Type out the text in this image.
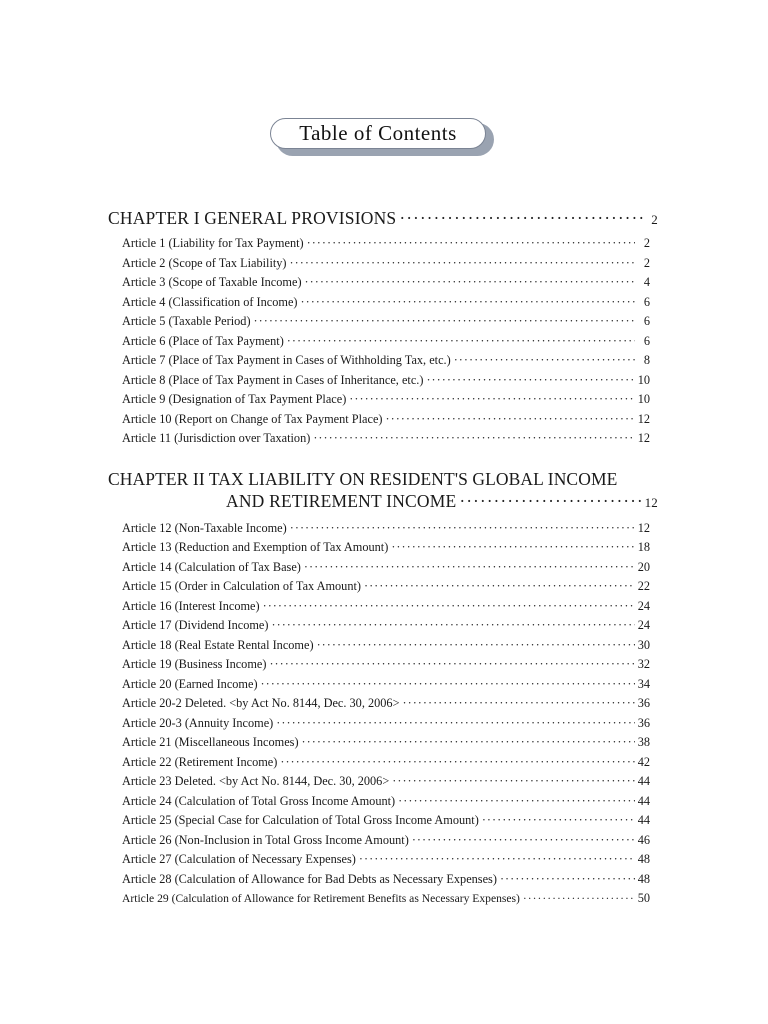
Table of Contents
CHAPTER I GENERAL PROVISIONS ·····	2
Article 1 (Liability for Tax Payment) ·····	2
Article 2 (Scope of Tax Liability) ·····	2
Article 3 (Scope of Taxable Income) ·····	4
Article 4 (Classification of Income) ·····	6
Article 5 (Taxable Period) ·····	6
Article 6 (Place of Tax Payment) ·····	6
Article 7 (Place of Tax Payment in Cases of Withholding Tax, etc.) ·····	8
Article 8 (Place of Tax Payment in Cases of Inheritance, etc.) ·····	10
Article 9 (Designation of Tax Payment Place) ·····	10
Article 10 (Report on Change of Tax Payment Place) ·····	12
Article 11 (Jurisdiction over Taxation) ·····	12
CHAPTER II TAX LIABILITY ON RESIDENT'S GLOBAL INCOME
AND RETIREMENT INCOME ·····	12
Article 12 (Non-Taxable Income) ·····	12
Article 13 (Reduction and Exemption of Tax Amount) ·····	18
Article 14 (Calculation of Tax Base) ·····	20
Article 15 (Order in Calculation of Tax Amount) ·····	22
Article 16 (Interest Income) ·····	24
Article 17 (Dividend Income) ·····	24
Article 18 (Real Estate Rental Income) ·····	30
Article 19 (Business Income) ·····	32
Article 20 (Earned Income) ·····	34
Article 20-2 Deleted. <by Act No. 8144, Dec. 30, 2006> ·····	36
Article 20-3 (Annuity Income) ·····	36
Article 21 (Miscellaneous Incomes) ·····	38
Article 22 (Retirement Income) ·····	42
Article 23 Deleted. <by Act No. 8144, Dec. 30, 2006> ·····	44
Article 24 (Calculation of Total Gross Income Amount) ·····	44
Article 25 (Special Case for Calculation of Total Gross Income Amount) ·····	44
Article 26 (Non-Inclusion in Total Gross Income Amount) ·····	46
Article 27 (Calculation of Necessary Expenses) ·····	48
Article 28 (Calculation of Allowance for Bad Debts as Necessary Expenses) ·····	48
Article 29 (Calculation of Allowance for Retirement Benefits as Necessary Expenses) ·····	50
